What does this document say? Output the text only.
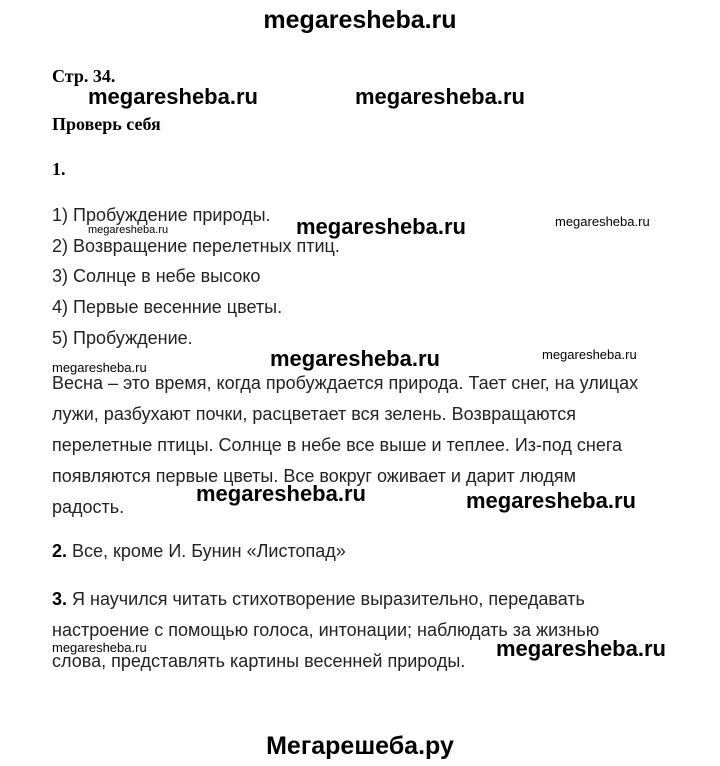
megaresheba.ru
Стр. 34.
megaresheba.ru	megaresheba.ru
Проверь себя
1.
1) Пробуждение природы.
megaresheba.ru	megaresheba.ru	megaresheba.ru
2) Возвращение перелетных птиц.
3) Солнце в небе высоко
4) Первые весенние цветы.
5) Пробуждение.
megaresheba.ru	megaresheba.ru	megaresheba.ru
Весна – это время, когда пробуждается природа. Тает снег, на улицах
лужи, разбухают почки, расцветает вся зелень. Возвращаются
перелетные птицы. Солнце в небе все выше и теплее. Из-под снега
появляются первые цветы. Все вокруг оживает и дарит людям
megaresheba.ru	megaresheba.ru
радость.
2. Все, кроме И. Бунин «Листопад»
3. Я научился читать стихотворение выразительно, передавать
настроение с помощью голоса, интонации; наблюдать за жизнью
megaresheba.ru	megaresheba.ru
слова, представлять картины весенней природы.
Мегарешеба.ру
